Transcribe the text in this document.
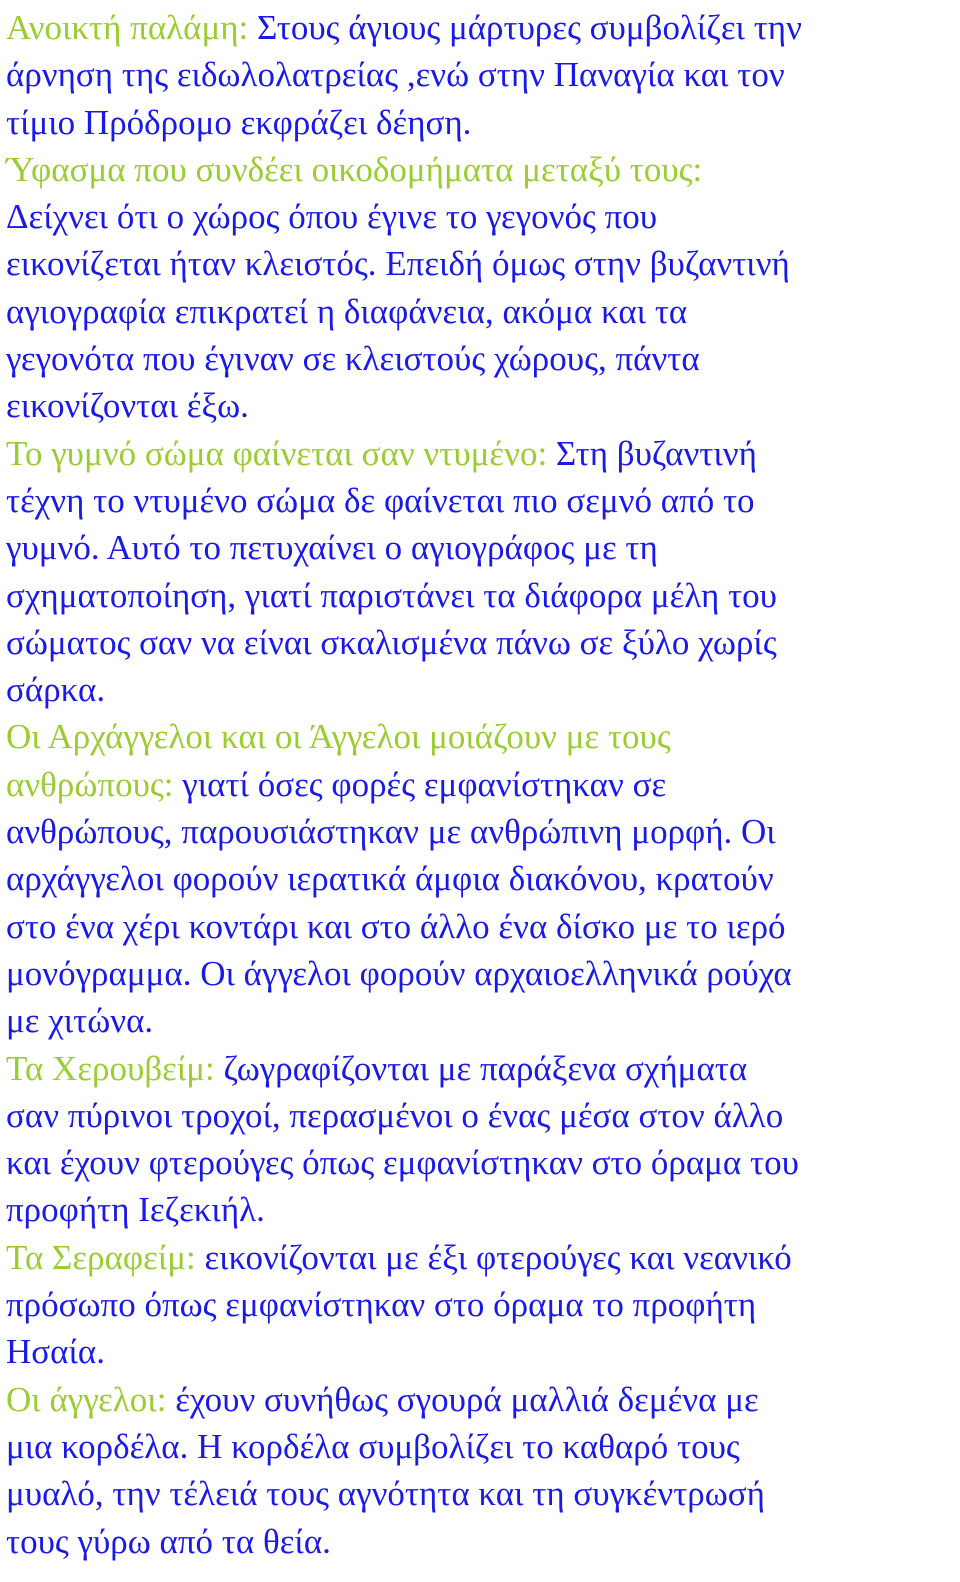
Ανοικτή παλάμη: Στους άγιους μάρτυρες συμβολίζει την
άρνηση της ειδωλολατρείας ,ενώ στην Παναγία και τον
τίμιο Πρόδρομο εκφράζει δέηση.
Ύφασμα που συνδέει οικοδομήματα μεταξύ τους:
Δείχνει ότι ο χώρος όπου έγινε το γεγονός που
εικονίζεται ήταν κλειστός. Επειδή όμως στην βυζαντινή
αγιογραφία επικρατεί η διαφάνεια, ακόμα και τα
γεγονότα που έγιναν σε κλειστούς χώρους, πάντα
εικονίζονται έξω.
Το γυμνό σώμα φαίνεται σαν ντυμένο: Στη βυζαντινή
τέχνη το ντυμένο σώμα δε φαίνεται πιο σεμνό από το
γυμνό. Αυτό το πετυχαίνει ο αγιογράφος με τη
σχηματοποίηση, γιατί παριστάνει τα διάφορα μέλη του
σώματος σαν να είναι σκαλισμένα πάνω σε ξύλο χωρίς
σάρκα.
Οι Αρχάγγελοι και οι Άγγελοι μοιάζουν με τους
ανθρώπους: γιατί όσες φορές εμφανίστηκαν σε
ανθρώπους, παρουσιάστηκαν με ανθρώπινη μορφή. Οι
αρχάγγελοι φορούν ιερατικά άμφια διακόνου, κρατούν
στο ένα χέρι κοντάρι και στο άλλο ένα δίσκο με το ιερό
μονόγραμμα. Οι άγγελοι φορούν αρχαιοελληνικά ρούχα
με χιτώνα.
Τα Χερουβείμ: ζωγραφίζονται με παράξενα σχήματα
σαν πύρινοι τροχοί, περασμένοι ο ένας μέσα στον άλλο
και έχουν φτερούγες όπως εμφανίστηκαν στο όραμα του
προφήτη Ιεζεκιήλ.
Τα Σεραφείμ: εικονίζονται με έξι φτερούγες και νεανικό
πρόσωπο όπως εμφανίστηκαν στο όραμα το προφήτη
Ησαία.
Οι άγγελοι: έχουν συνήθως σγουρά μαλλιά δεμένα με
μια κορδέλα. Η κορδέλα συμβολίζει το καθαρό τους
μυαλό, την τέλειά τους αγνότητα και τη συγκέντρωσή
τους γύρω από τα θεία.
